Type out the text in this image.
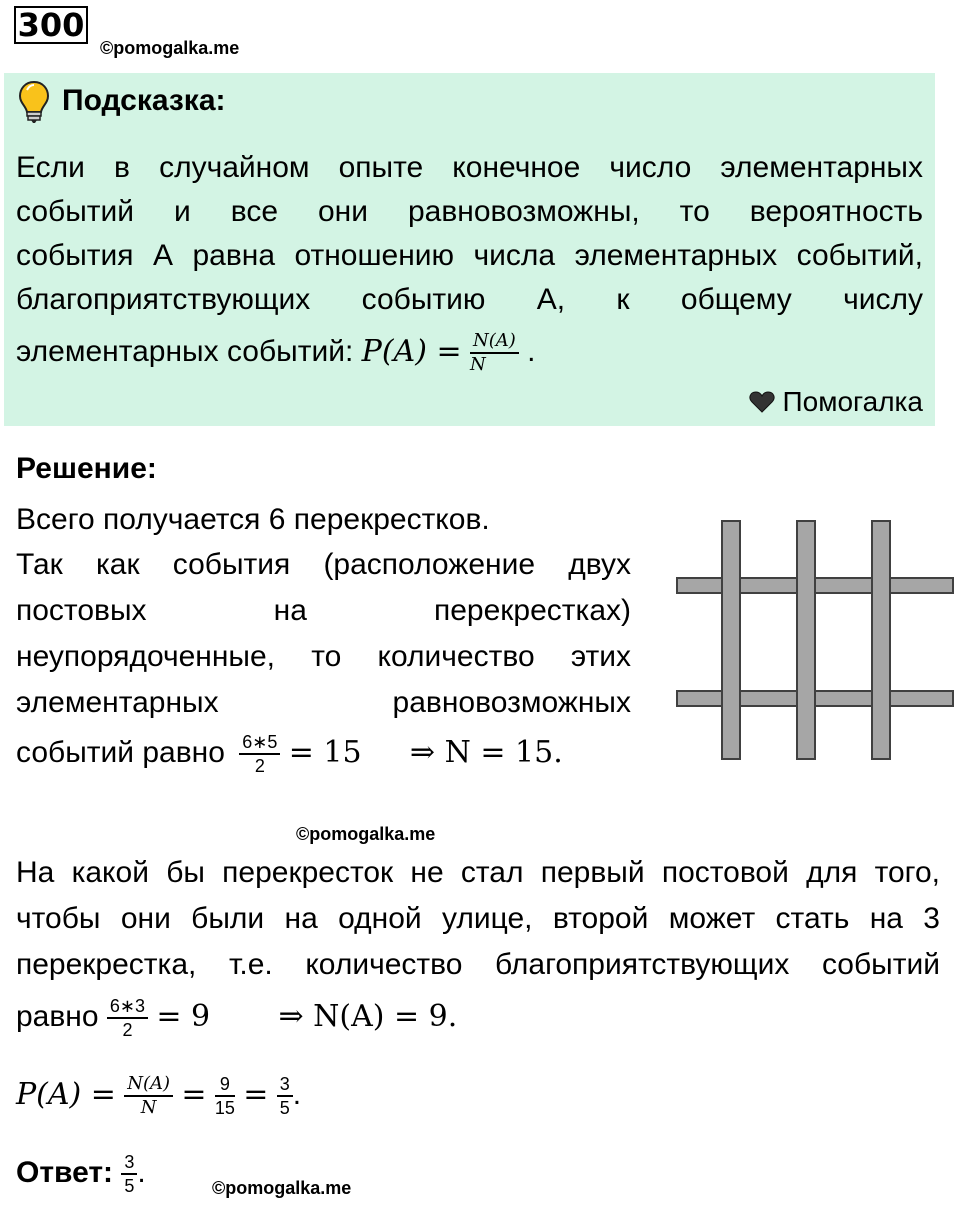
300
©pomogalka.me
Подсказка:
Если в случайном опыте конечное число элементарных
событий и все они равновозможны, то вероятность
события А равна отношению числа элементарных событий,
благоприятствующих событию А, к общему числу
элементарных событий: $P(A) = \frac{N(A)}{N}$ .
Помогалка
Решение:
Всего получается 6 перекрестков.
Так как события (расположение двух
постовых на перекрестках)
неупорядоченные, то количество этих
элементарных равновозможных
событий равно $\frac{6∗5}{2} = 15$ ⇒ N = 15.
©pomogalka.me
На какой бы перекресток не стал первый постовой для того,
чтобы они были на одной улице, второй может стать на 3
перекрестка, т.е. количество благоприятствующих событий
равно $\frac{6∗3}{2} = 9$ ⇒ N(A) = 9.
$P(A) = \frac{N(A)}{N} = \frac{9}{15} = \frac{3}{5}$ .
Ответ: $\frac{3}{5}$ .	©pomogalka.me
